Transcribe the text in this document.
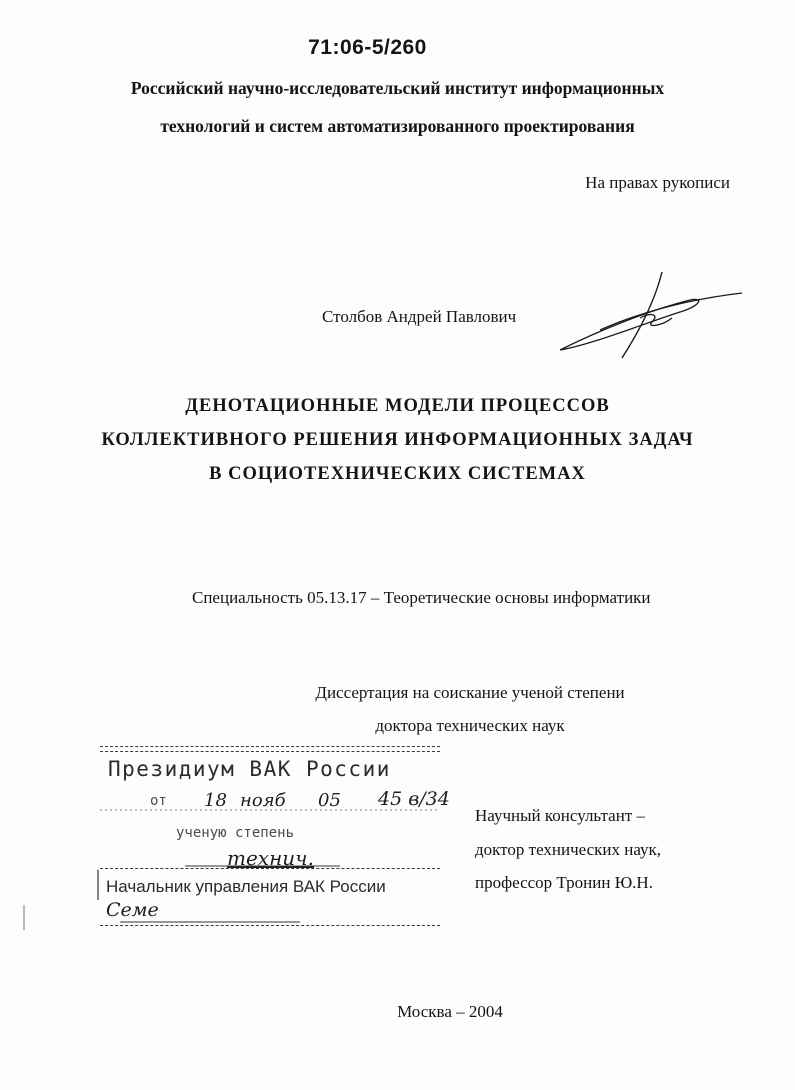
71:06-5/260
Российский научно-исследовательский институт информационных
технологий и систем автоматизированного проектирования
На правах рукописи
Столбов Андрей Павлович
ДЕНОТАЦИОННЫЕ МОДЕЛИ ПРОЦЕССОВ
КОЛЛЕКТИВНОГО РЕШЕНИЯ ИНФОРМАЦИОННЫХ ЗАДАЧ
В СОЦИОТЕХНИЧЕСКИХ СИСТЕМАХ
Специальность 05.13.17 – Теоретические основы информатики
Диссертация на соискание ученой степени
доктора технических наук
Президиум ВАК России
от 18 нояб 05 45 в/34
ученую степень
технич.
Начальник управления ВАК России
Семе
Научный консультант –
доктор технических наук,
профессор Тронин Ю.Н.
Москва – 2004
